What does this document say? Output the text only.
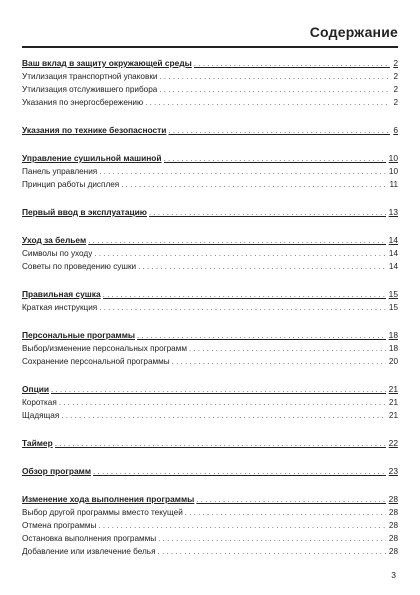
Содержание
Ваш вклад в защиту окружающей среды . . .	2
Утилизация транспортной упаковки . . .	2
Утилизация отслужившего прибора . . .	2
Указания по энергосбережению . . .	2
Указания по технике безопасности . . .	6
Управление сушильной машиной . . .	10
Панель управления . . .	10
Принцип работы дисплея . . .	11
Первый ввод в эксплуатацию . . .	13
Уход за бельем . . .	14
Символы по уходу . . .	14
Советы по проведению сушки . . .	14
Правильная сушка . . .	15
Краткая инструкция . . .	15
Персональные программы . . .	18
Выбор/изменение персональных программ . . .	18
Сохранение персональной программы . . .	20
Опции . . .	21
Короткая . . .	21
Щадящая . . .	21
Таймер . . .	22
Обзор программ . . .	23
Изменение хода выполнения программы . . .	28
Выбор другой программы вместо текущей . . .	28
Отмена программы . . .	28
Остановка выполнения программы . . .	28
Добавление или извлечение белья . . .	28
3
